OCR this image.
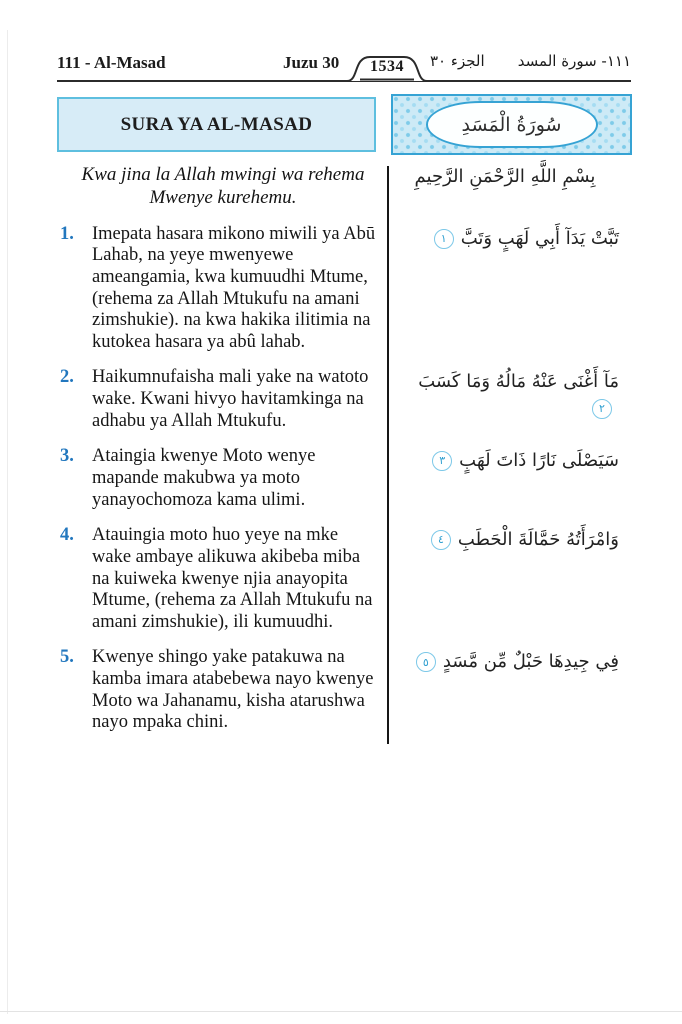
111 - Al-Masad	Juzu 30	1534	الجزء ٣٠	١١١- سورة المسد
SURA YA AL-MASAD	سُورَةُ الْمَسَدِ
Kwa jina la Allah mwingi wa rehema Mwenye kurehemu.
بِسْمِ اللَّهِ الرَّحْمَنِ الرَّحِيمِ
1. Imepata hasara mikono miwili ya Abū Lahab, na yeye mwenyewe ameangamia, kwa kumuudhi Mtume, (rehema za Allah Mtukufu na amani zimshukie). na kwa hakika ilitimia na kutokea hasara ya abû lahab.
تَبَّتْ يَدَآ أَبِي لَهَبٍ وَتَبَّ١
2. Haikumnufaisha mali yake na watoto wake. Kwani hivyo havitamkinga na adhabu ya Allah Mtukufu.
مَآ أَغْنَى عَنْهُ مَالُهُ وَمَا كَسَبَ٢
3. Ataingia kwenye Moto wenye mapande makubwa ya moto yanayochomoza kama ulimi.
سَيَصْلَى نَارًا ذَاتَ لَهَبٍ٣
4. Atauingia moto huo yeye na mke wake ambaye alikuwa akibeba miba na kuiweka kwenye njia anayopita Mtume, (rehema za Allah Mtukufu na amani zimshukie), ili kumuudhi.
وَامْرَأَتُهُ حَمَّالَةَ الْحَطَبِ٤
5. Kwenye shingo yake patakuwa na kamba imara atabebewa nayo kwenye Moto wa Jahanamu, kisha atarushwa nayo mpaka chini.
فِي جِيدِهَا حَبْلٌ مِّن مَّسَدٍ٥
